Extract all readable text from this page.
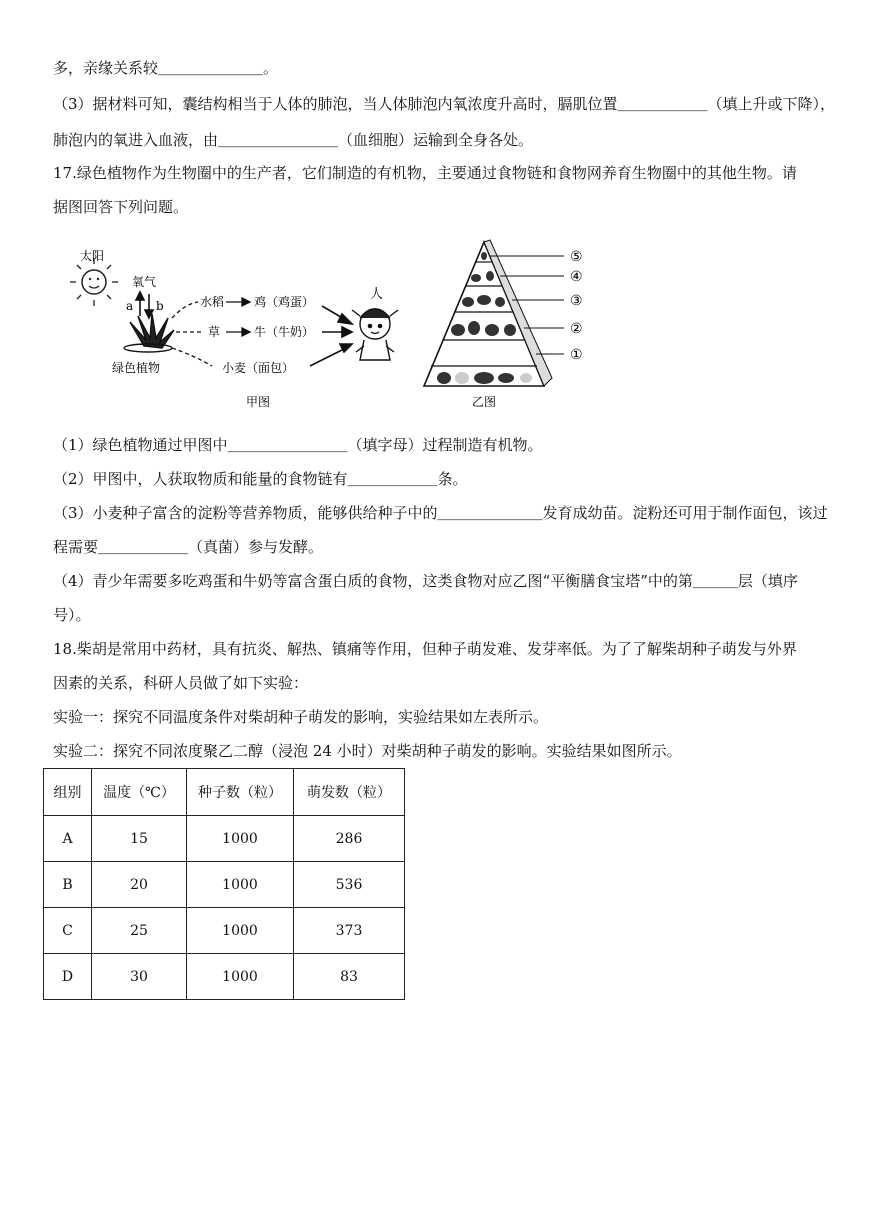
多，亲缘关系较＿＿＿＿＿＿＿。
（3）据材料可知，囊结构相当于人体的肺泡，当人体肺泡内氧浓度升高时，膈肌位置＿＿＿＿＿＿（填上升或下降），
肺泡内的氧进入血液，由＿＿＿＿＿＿＿＿（血细胞）运输到全身各处。
17.绿色植物作为生物圈中的生产者，它们制造的有机物，主要通过食物链和食物网养育生物圈中的其他生物。请
据图回答下列问题。
太阳
氧气
a b
绿色植物
水稻 鸡（鸡蛋）
草	牛（牛奶）
小麦（面包）
人
甲图
⑤
④
③
②
①
乙图
（1）绿色植物通过甲图中＿＿＿＿＿＿＿＿（填字母）过程制造有机物。
（2）甲图中，人获取物质和能量的食物链有＿＿＿＿＿＿条。
（3）小麦种子富含的淀粉等营养物质，能够供给种子中的＿＿＿＿＿＿＿发育成幼苗。淀粉还可用于制作面包，该过
程需要＿＿＿＿＿＿（真菌）参与发酵。
（4）青少年需要多吃鸡蛋和牛奶等富含蛋白质的食物，这类食物对应乙图“平衡膳食宝塔”中的第＿＿＿层（填序
号）。
18.柴胡是常用中药材，具有抗炎、解热、镇痛等作用，但种子萌发难、发芽率低。为了了解柴胡种子萌发与外界
因素的关系，科研人员做了如下实验：
实验一：探究不同温度条件对柴胡种子萌发的影响，实验结果如左表所示。
实验二：探究不同浓度聚乙二醇（浸泡 24 小时）对柴胡种子萌发的影响。实验结果如图所示。
组别	温度（℃）	种子数（粒）	萌发数（粒）
A	15	1000	286
B	20	1000	536
C	25	1000	373
D	30	1000	83
